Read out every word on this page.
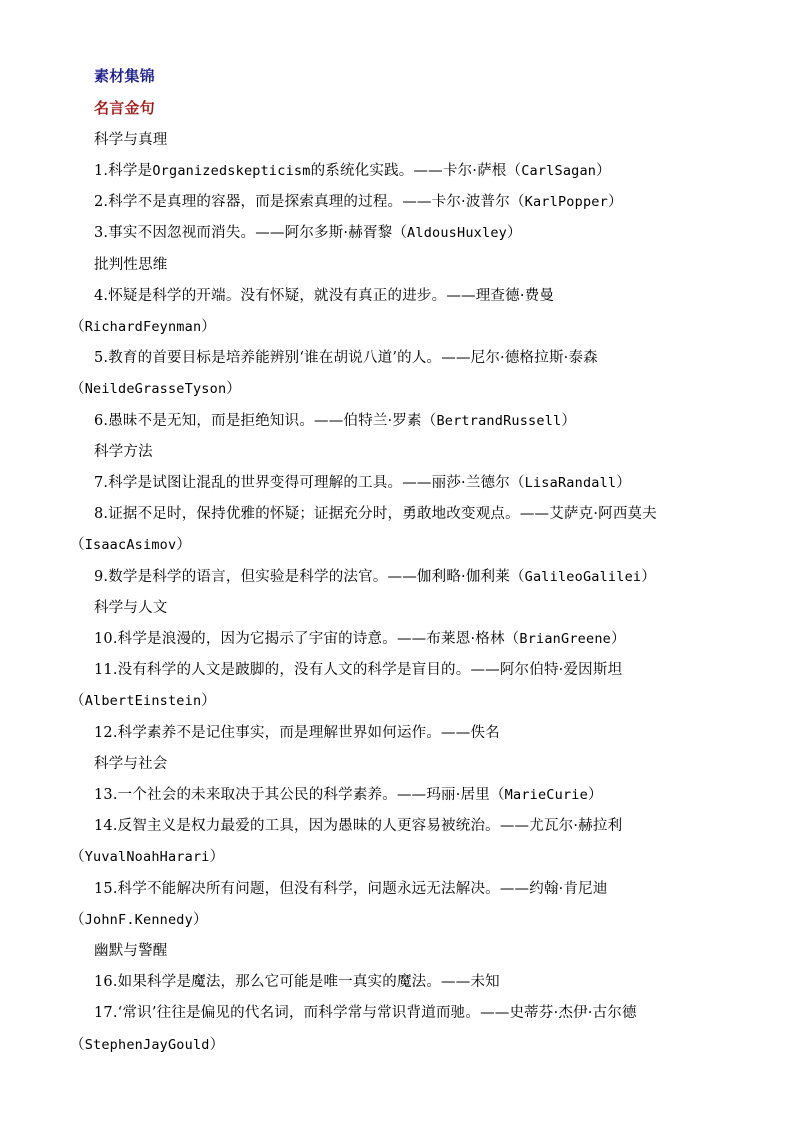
素材集锦
名言金句
科学与真理
1.科学是Organizedskepticism的系统化实践。——卡尔·萨根（CarlSagan）
2.科学不是真理的容器，而是探索真理的过程。——卡尔·波普尔（KarlPopper）
3.事实不因忽视而消失。——阿尔多斯·赫胥黎（AldousHuxley）
批判性思维
4.怀疑是科学的开端。没有怀疑，就没有真正的进步。——理查德·费曼
（RichardFeynman）
5.教育的首要目标是培养能辨别‘谁在胡说八道’的人。——尼尔·德格拉斯·泰森
（NeildeGrasseTyson）
6.愚昧不是无知，而是拒绝知识。——伯特兰·罗素（BertrandRussell）
科学方法
7.科学是试图让混乱的世界变得可理解的工具。——丽莎·兰德尔（LisaRandall）
8.证据不足时，保持优雅的怀疑；证据充分时，勇敢地改变观点。——艾萨克·阿西莫夫
（IsaacAsimov）
9.数学是科学的语言，但实验是科学的法官。——伽利略·伽利莱（GalileoGalilei）
科学与人文
10.科学是浪漫的，因为它揭示了宇宙的诗意。——布莱恩·格林（BrianGreene）
11.没有科学的人文是跛脚的，没有人文的科学是盲目的。——阿尔伯特·爱因斯坦
（AlbertEinstein）
12.科学素养不是记住事实，而是理解世界如何运作。——佚名
科学与社会
13.一个社会的未来取决于其公民的科学素养。——玛丽·居里（MarieCurie）
14.反智主义是权力最爱的工具，因为愚昧的人更容易被统治。——尤瓦尔·赫拉利
（YuvalNoahHarari）
15.科学不能解决所有问题，但没有科学，问题永远无法解决。——约翰·肯尼迪
（JohnF.Kennedy）
幽默与警醒
16.如果科学是魔法，那么它可能是唯一真实的魔法。——未知
17.‘常识’往往是偏见的代名词，而科学常与常识背道而驰。——史蒂芬·杰伊·古尔德
（StephenJayGould）
